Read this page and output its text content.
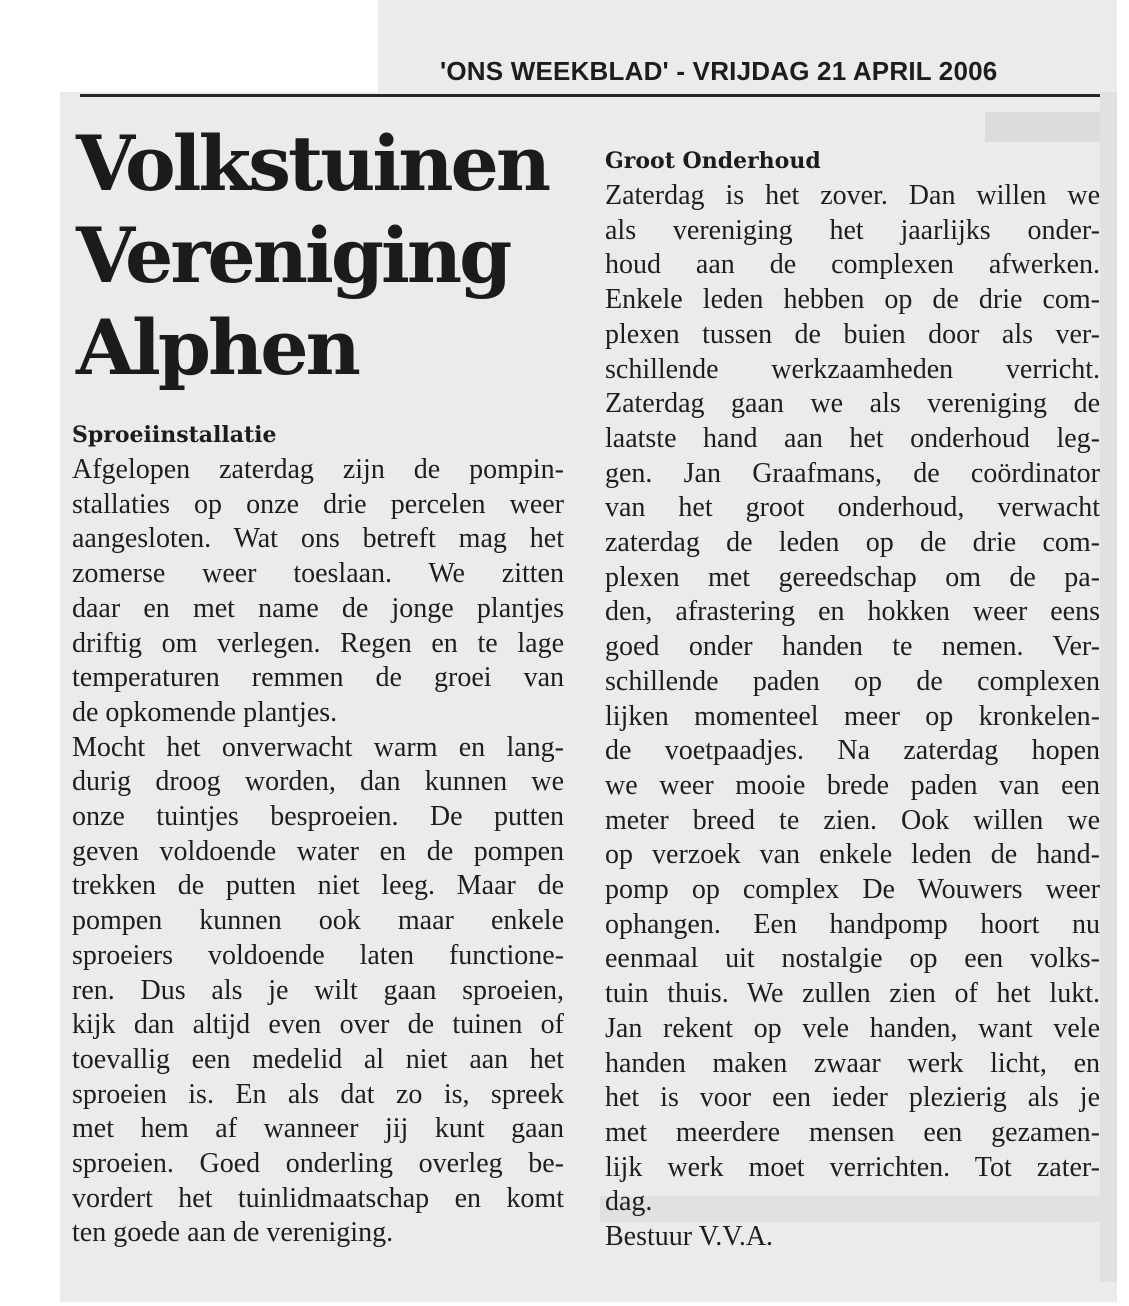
'ONS WEEKBLAD' - VRIJDAG 21 APRIL 2006
Volkstuinen
Vereniging
Alphen
Sproeiinstallatie
Afgelopen zaterdag zijn de pompin-
stallaties op onze drie percelen weer
aangesloten. Wat ons betreft mag het
zomerse weer toeslaan. We zitten
daar en met name de jonge plantjes
driftig om verlegen. Regen en te lage
temperaturen remmen de groei van
de opkomende plantjes.
Mocht het onverwacht warm en lang-
durig droog worden, dan kunnen we
onze tuintjes besproeien. De putten
geven voldoende water en de pompen
trekken de putten niet leeg. Maar de
pompen kunnen ook maar enkele
sproeiers voldoende laten functione-
ren. Dus als je wilt gaan sproeien,
kijk dan altijd even over de tuinen of
toevallig een medelid al niet aan het
sproeien is. En als dat zo is, spreek
met hem af wanneer jij kunt gaan
sproeien. Goed onderling overleg be-
vordert het tuinlidmaatschap en komt
ten goede aan de vereniging.
Groot Onderhoud
Zaterdag is het zover. Dan willen we
als vereniging het jaarlijks onder-
houd aan de complexen afwerken.
Enkele leden hebben op de drie com-
plexen tussen de buien door als ver-
schillende werkzaamheden verricht.
Zaterdag gaan we als vereniging de
laatste hand aan het onderhoud leg-
gen. Jan Graafmans, de coördinator
van het groot onderhoud, verwacht
zaterdag de leden op de drie com-
plexen met gereedschap om de pa-
den, afrastering en hokken weer eens
goed onder handen te nemen. Ver-
schillende paden op de complexen
lijken momenteel meer op kronkelen-
de voetpaadjes. Na zaterdag hopen
we weer mooie brede paden van een
meter breed te zien. Ook willen we
op verzoek van enkele leden de hand-
pomp op complex De Wouwers weer
ophangen. Een handpomp hoort nu
eenmaal uit nostalgie op een volks-
tuin thuis. We zullen zien of het lukt.
Jan rekent op vele handen, want vele
handen maken zwaar werk licht, en
het is voor een ieder plezierig als je
met meerdere mensen een gezamen-
lijk werk moet verrichten. Tot zater-
dag.
Bestuur V.V.A.
